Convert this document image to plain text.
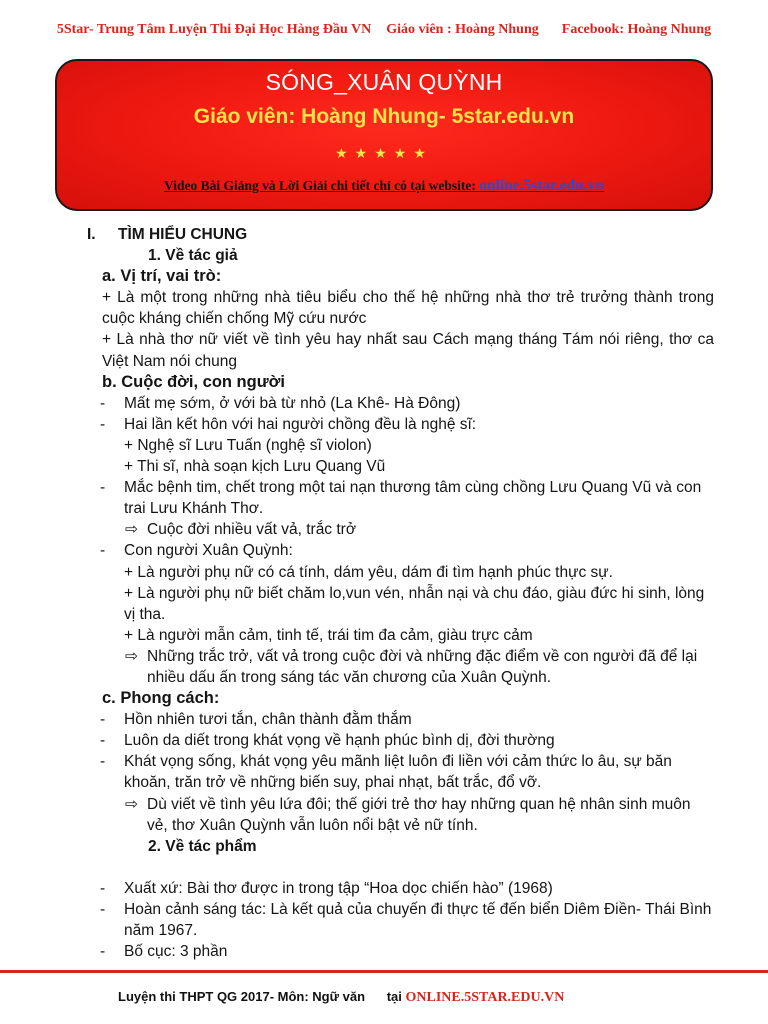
5Star- Trung Tâm Luyện Thi Đại Học Hàng Đầu VN Giáo viên : Hoàng Nhung Facebook: Hoàng Nhung
SÓNG_XUÂN QUỲNH
Giáo viên: Hoàng Nhung- 5star.edu.vn
★★★★★
Video Bài Giảng và Lời Giải chi tiết chỉ có tại website: online.5star.edu.vn
I. TÌM HIỂU CHUNG
1. Về tác giả
a. Vị trí, vai trò:
+ Là một trong những nhà tiêu biểu cho thế hệ những nhà thơ trẻ trưởng thành trong cuộc kháng chiến chống Mỹ cứu nước
+ Là nhà thơ nữ viết về tình yêu hay nhất sau Cách mạng tháng Tám nói riêng, thơ ca Việt Nam nói chung
b. Cuộc đời, con người
- Mất mẹ sớm, ở với bà từ nhỏ (La Khê- Hà Đông)
- Hai lần kết hôn với hai người chồng đều là nghệ sĩ:
+ Nghệ sĩ Lưu Tuấn (nghệ sĩ violon)
+ Thi sĩ, nhà soạn kịch Lưu Quang Vũ
- Mắc bệnh tim, chết trong một tai nạn thương tâm cùng chồng Lưu Quang Vũ và con trai Lưu Khánh Thơ.
⇨ Cuộc đời nhiều vất vả, trắc trở
- Con người Xuân Quỳnh:
+ Là người phụ nữ có cá tính, dám yêu, dám đi tìm hạnh phúc thực sự.
+ Là người phụ nữ biết chăm lo,vun vén, nhẫn nại và chu đáo, giàu đức hi sinh, lòng vị tha.
+ Là người mẫn cảm, tinh tế, trái tim đa cảm, giàu trực cảm
⇨ Những trắc trở, vất vả trong cuộc đời và những đặc điểm về con người đã để lại nhiều dấu ấn trong sáng tác văn chương của Xuân Quỳnh.
c. Phong cách:
- Hồn nhiên tươi tắn, chân thành đằm thắm
- Luôn da diết trong khát vọng về hạnh phúc bình dị, đời thường
- Khát vọng sống, khát vọng yêu mãnh liệt luôn đi liền với cảm thức lo âu, sự băn khoăn, trăn trở về những biến suy, phai nhạt, bất trắc, đổ vỡ.
⇨ Dù viết về tình yêu lứa đôi; thế giới trẻ thơ hay những quan hệ nhân sinh muôn vẻ, thơ Xuân Quỳnh vẫn luôn nổi bật vẻ nữ tính.
2. Về tác phẩm
- Xuất xứ: Bài thơ được in trong tập “Hoa dọc chiến hào” (1968)
- Hoàn cảnh sáng tác: Là kết quả của chuyến đi thực tế đến biển Diêm Điền- Thái Bình năm 1967.
- Bố cục: 3 phần
Luyện thi THPT QG 2017- Môn: Ngữ văn tại ONLINE.5STAR.EDU.VN
